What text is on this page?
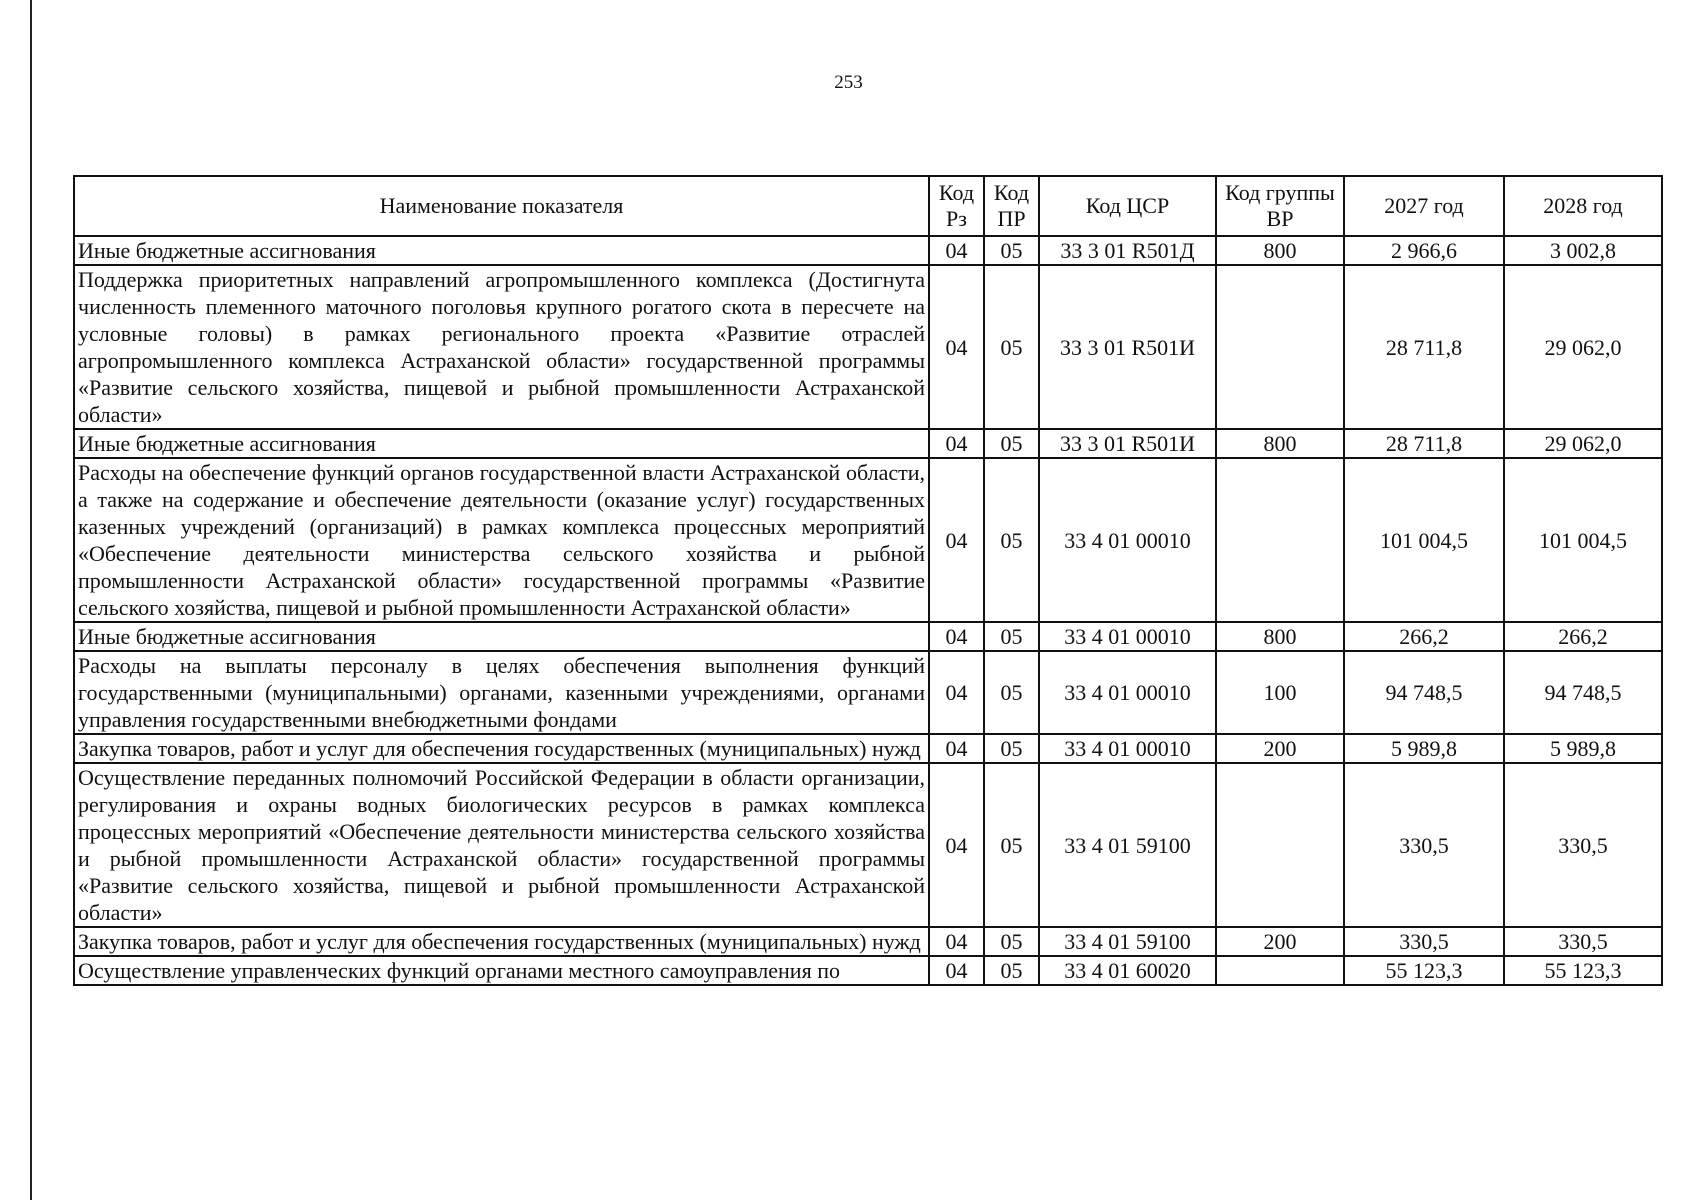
253
Наименование показателя	Код Рз	Код ПР	Код ЦСР	Код группы ВР	2027 год	2028 год
Иные бюджетные ассигнования	04	05	33 3 01 R501Д	800	2 966,6	3 002,8
Поддержка приоритетных направлений агропромышленного комплекса (Достигнута численность племенного маточного поголовья крупного рогатого скота в пересчете на условные головы) в рамках регионального проекта «Развитие отраслей агропромышленного комплекса Астраханской области» государственной программы «Развитие сельского хозяйства, пищевой и рыбной промышленности Астраханской области»	04	05	33 3 01 R501И		28 711,8	29 062,0
Иные бюджетные ассигнования	04	05	33 3 01 R501И	800	28 711,8	29 062,0
Расходы на обеспечение функций органов государственной власти Астраханской области, а также на содержание и обеспечение деятельности (оказание услуг) государственных казенных учреждений (организаций) в рамках комплекса процессных мероприятий «Обеспечение деятельности министерства сельского хозяйства и рыбной промышленности Астраханской области» государственной программы «Развитие сельского хозяйства, пищевой и рыбной промышленности Астраханской области»	04	05	33 4 01 00010		101 004,5	101 004,5
Иные бюджетные ассигнования	04	05	33 4 01 00010	800	266,2	266,2
Расходы на выплаты персоналу в целях обеспечения выполнения функций государственными (муниципальными) органами, казенными учреждениями, органами управления государственными внебюджетными фондами	04	05	33 4 01 00010	100	94 748,5	94 748,5
Закупка товаров, работ и услуг для обеспечения государственных (муниципальных) нужд	04	05	33 4 01 00010	200	5 989,8	5 989,8
Осуществление переданных полномочий Российской Федерации в области организации, регулирования и охраны водных биологических ресурсов в рамках комплекса процессных мероприятий «Обеспечение деятельности министерства сельского хозяйства и рыбной промышленности Астраханской области» государственной программы «Развитие сельского хозяйства, пищевой и рыбной промышленности Астраханской области»	04	05	33 4 01 59100		330,5	330,5
Закупка товаров, работ и услуг для обеспечения государственных (муниципальных) нужд	04	05	33 4 01 59100	200	330,5	330,5
Осуществление управленческих функций органами местного самоуправления по	04	05	33 4 01 60020		55 123,3	55 123,3
